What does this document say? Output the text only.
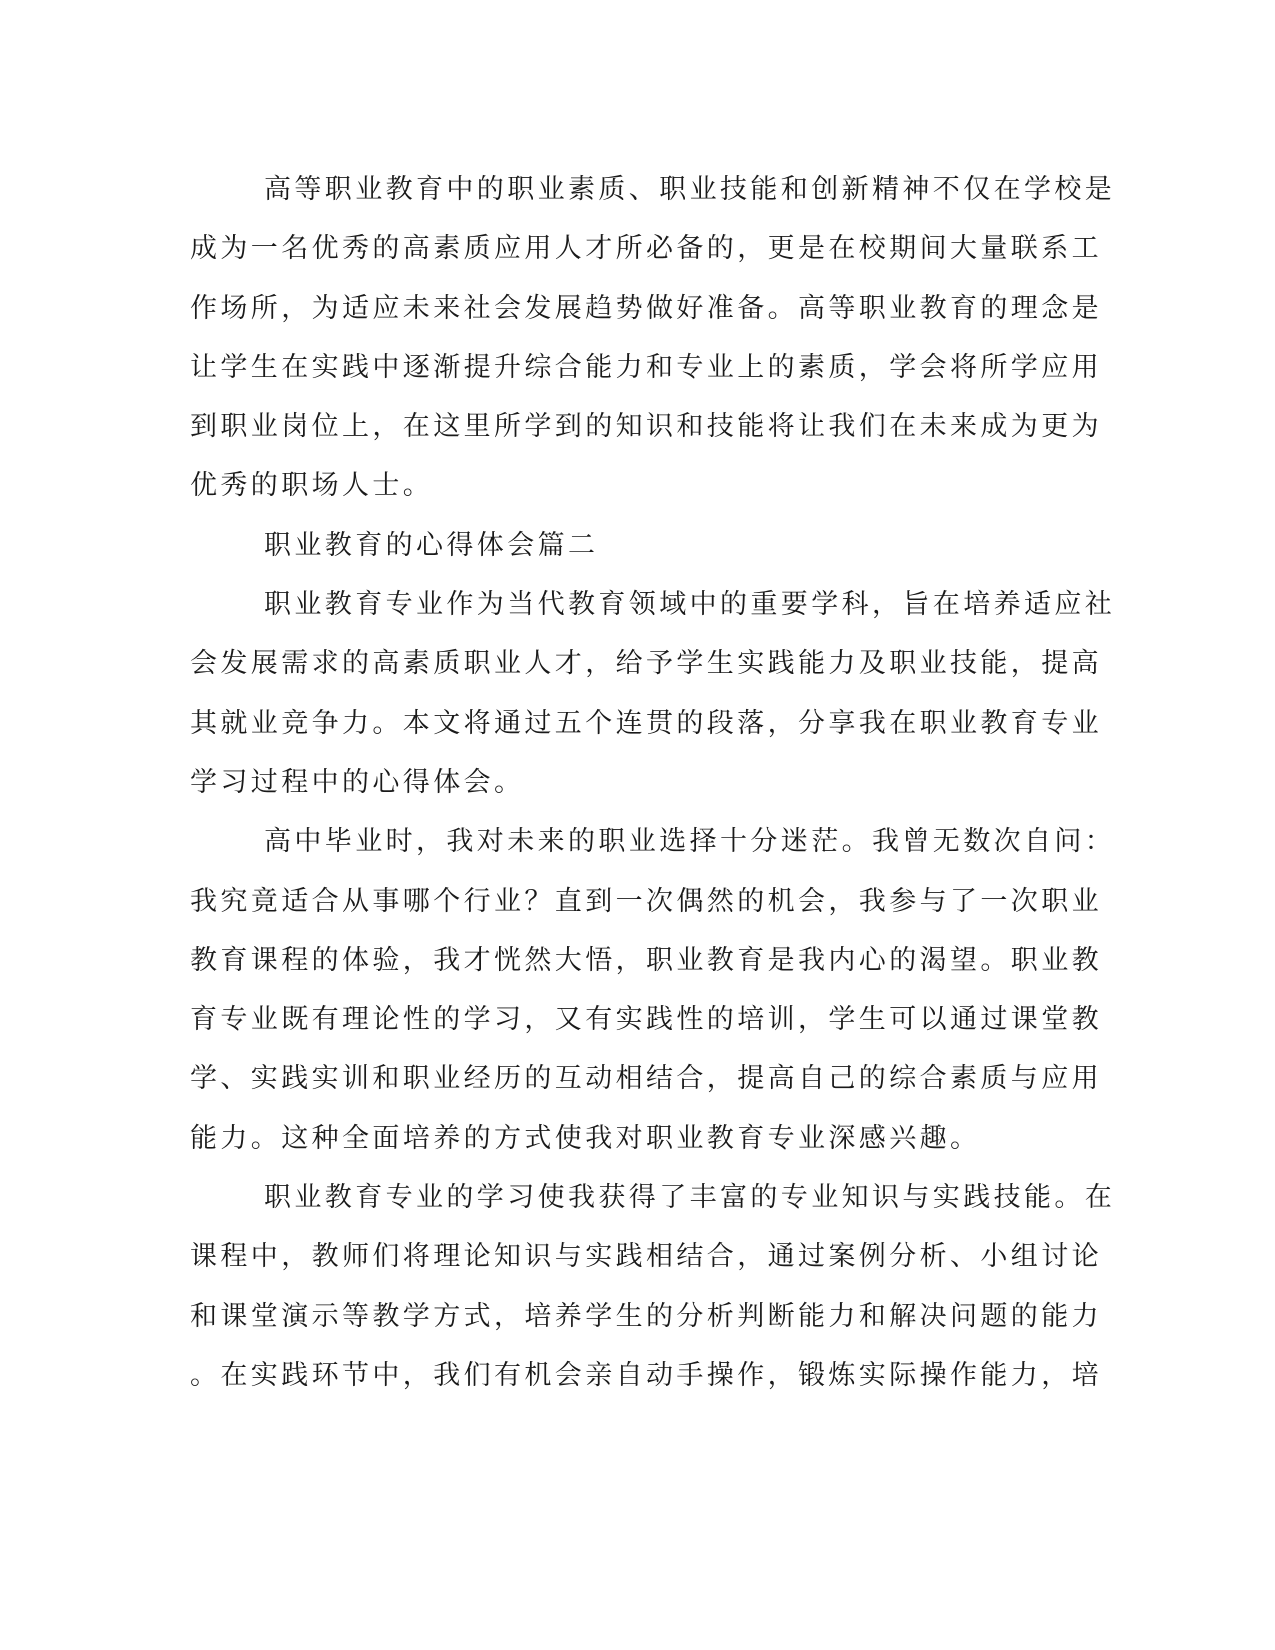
高等职业教育中的职业素质、职业技能和创新精神不仅在学校是
成为一名优秀的高素质应用人才所必备的，更是在校期间大量联系工
作场所，为适应未来社会发展趋势做好准备。高等职业教育的理念是
让学生在实践中逐渐提升综合能力和专业上的素质，学会将所学应用
到职业岗位上，在这里所学到的知识和技能将让我们在未来成为更为
优秀的职场人士。
职业教育的心得体会篇二
职业教育专业作为当代教育领域中的重要学科，旨在培养适应社
会发展需求的高素质职业人才，给予学生实践能力及职业技能，提高
其就业竞争力。本文将通过五个连贯的段落，分享我在职业教育专业
学习过程中的心得体会。
高中毕业时，我对未来的职业选择十分迷茫。我曾无数次自问：
我究竟适合从事哪个行业？直到一次偶然的机会，我参与了一次职业
教育课程的体验，我才恍然大悟，职业教育是我内心的渴望。职业教
育专业既有理论性的学习，又有实践性的培训，学生可以通过课堂教
学、实践实训和职业经历的互动相结合，提高自己的综合素质与应用
能力。这种全面培养的方式使我对职业教育专业深感兴趣。
职业教育专业的学习使我获得了丰富的专业知识与实践技能。在
课程中，教师们将理论知识与实践相结合，通过案例分析、小组讨论
和课堂演示等教学方式，培养学生的分析判断能力和解决问题的能力
。在实践环节中，我们有机会亲自动手操作，锻炼实际操作能力，培
